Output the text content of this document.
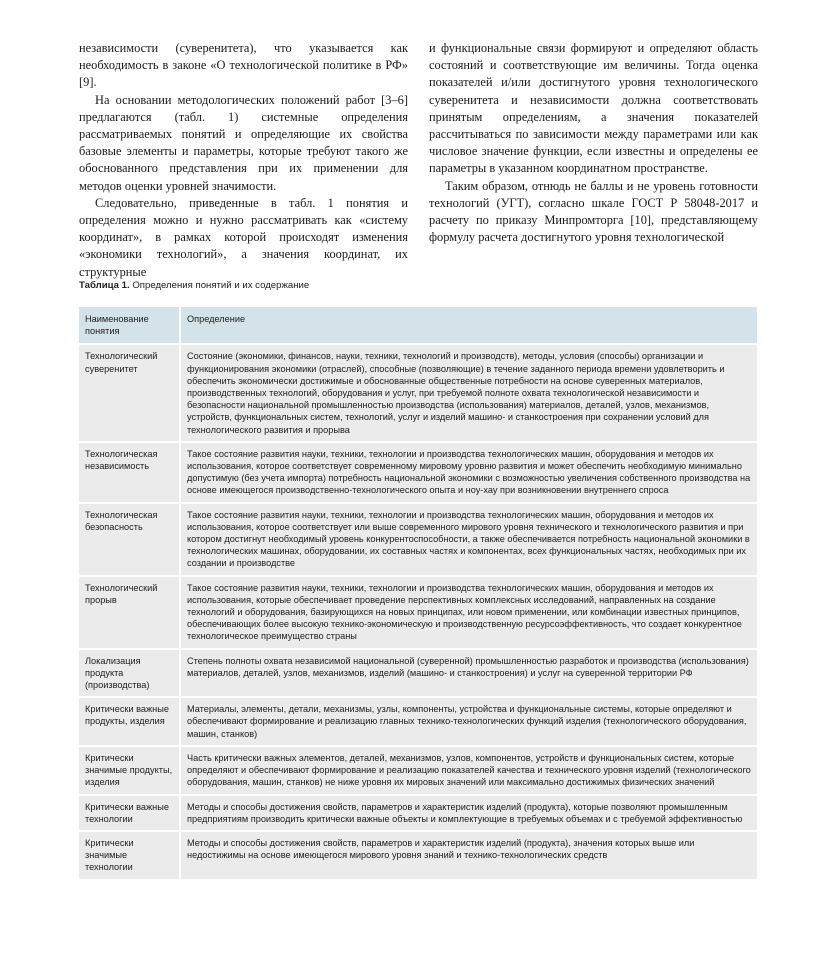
независимости (суверенитета), что указывается как необходимость в законе «О технологической политике в РФ» [9].

На основании методологических положений работ [3–6] предлагаются (табл. 1) системные определения рассматриваемых понятий и определяющие их свойства базовые элементы и параметры, которые требуют такого же обоснованного представления при их применении для методов оценки уровней значимости.

Следовательно, приведенные в табл. 1 понятия и определения можно и нужно рассматривать как «систему координат», в рамках которой происходят изменения «экономики технологий», а значения координат, их структурные

и функциональные связи формируют и определяют область состояний и соответствующие им величины. Тогда оценка показателей и/или достигнутого уровня технологического суверенитета и независимости должна соответствовать принятым определениям, а значения показателей рассчитываться по зависимости между параметрами или как числовое значение функции, если известны и определены ее параметры в указанном координатном пространстве.

Таким образом, отнюдь не баллы и не уровень готовности технологий (УГТ), согласно шкале ГОСТ Р 58048-2017 и расчету по приказу Минпромторга [10], представляющему формулу расчета достигнутого уровня технологической

Таблица 1. Определения понятий и их содержание
Наименование понятия	Определение
Технологический суверенитет	Состояние (экономики, финансов, науки, техники, технологий и производств), методы, условия (способы) организации и функционирования экономики (отраслей), способные (позволяющие) в течение заданного периода времени удовлетворить и обеспечить экономически достижимые и обоснованные общественные потребности на основе суверенных материалов, производственных технологий, оборудования и услуг, при требуемой полноте охвата технологической независимости и безопасности национальной промышленностью производства (использования) материалов, деталей, узлов, механизмов, устройств, функциональных систем, технологий, услуг и изделий машино- и станкостроения при сохранении условий для технологического развития и прорыва
Технологическая независимость	Такое состояние развития науки, техники, технологии и производства технологических машин, оборудования и методов их использования, которое соответствует современному мировому уровню развития и может обеспечить необходимую минимально допустимую (без учета импорта) потребность национальной экономики с возможностью увеличения собственного производства на основе имеющегося производственно-технологического опыта и ноу-хау при возникновении внутреннего спроса
Технологическая безопасность	Такое состояние развития науки, техники, технологии и производства технологических машин, оборудования и методов их использования, которое соответствует или выше современного мирового уровня технического и технологического развития и при котором достигнут необходимый уровень конкурентоспособности, а также обеспечивается потребность национальной экономики в технологических машинах, оборудовании, их составных частях и компонентах, всех функциональных частях, необходимых при их создании и производстве
Технологический прорыв	Такое состояние развития науки, техники, технологии и производства технологических машин, оборудования и методов их использования, которые обеспечивает проведение перспективных комплексных исследований, направленных на создание технологий и оборудования, базирующихся на новых принципах, или новом применении, или комбинации известных принципов, обеспечивающих более высокую технико-экономическую и производственную ресурсоэффективность, что создает конкурентное технологическое преимущество страны
Локализация продукта (производства)	Степень полноты охвата независимой национальной (суверенной) промышленностью разработок и производства (использования) материалов, деталей, узлов, механизмов, изделий (машино- и станкостроения) и услуг на суверенной территории РФ
Критически важные продукты, изделия	Материалы, элементы, детали, механизмы, узлы, компоненты, устройства и функциональные системы, которые определяют и обеспечивают формирование и реализацию главных технико-технологических функций изделия (технологического оборудования, машин, станков)
Критически значимые продукты, изделия	Часть критически важных элементов, деталей, механизмов, узлов, компонентов, устройств и функциональных систем, которые определяют и обеспечивают формирование и реализацию показателей качества и технического уровня изделий (технологического оборудования, машин, станков) не ниже уровня их мировых значений или максимально достижимых физических значений
Критически важные технологии	Методы и способы достижения свойств, параметров и характеристик изделий (продукта), которые позволяют промышленным предприятиям производить критически важные объекты и комплектующие в требуемых объемах и с требуемой эффективностью
Критически значимые технологии	Методы и способы достижения свойств, параметров и характеристик изделий (продукта), значения которых выше или недостижимы на основе имеющегося мирового уровня знаний и технико-технологических средств
